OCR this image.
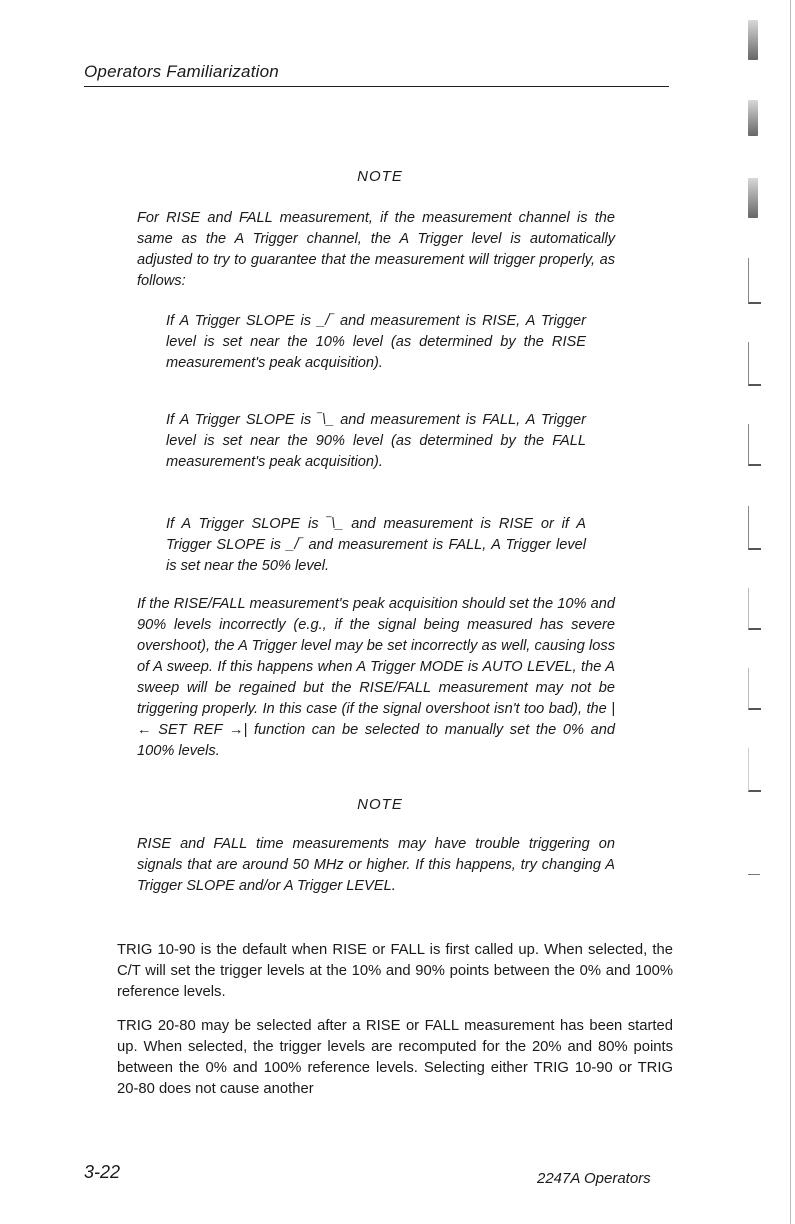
Operators Familiarization
NOTE

For RISE and FALL measurement, if the measurement channel is the same as the A Trigger channel, the A Trigger level is automatically adjusted to try to guarantee that the measurement will trigger properly, as follows:

If A Trigger SLOPE is _/‾ and measurement is RISE, A Trigger level is set near the 10% level (as determined by the RISE measurement's peak acquisition).

If A Trigger SLOPE is ‾\_ and measurement is FALL, A Trigger level is set near the 90% level (as determined by the FALL measurement's peak acquisition).

If A Trigger SLOPE is ‾\_ and measurement is RISE or if A Trigger SLOPE is _/‾ and measurement is FALL, A Trigger level is set near the 50% level.

If the RISE/FALL measurement's peak acquisition should set the 10% and 90% levels incorrectly (e.g., if the signal being measured has severe overshoot), the A Trigger level may be set incorrectly as well, causing loss of A sweep. If this happens when A Trigger MODE is AUTO LEVEL, the A sweep will be regained but the RISE/FALL measurement may not be triggering properly. In this case (if the signal overshoot isn't too bad), the |← SET REF →| function can be selected to manually set the 0% and 100% levels.

NOTE

RISE and FALL time measurements may have trouble triggering on signals that are around 50 MHz or higher. If this happens, try changing A Trigger SLOPE and/or A Trigger LEVEL.

TRIG 10-90 is the default when RISE or FALL is first called up. When selected, the C/T will set the trigger levels at the 10% and 90% points between the 0% and 100% reference levels.

TRIG 20-80 may be selected after a RISE or FALL measurement has been started up. When selected, the trigger levels are recomputed for the 20% and 80% points between the 0% and 100% reference levels. Selecting either TRIG 10-90 or TRIG 20-80 does not cause another

3-22	2247A Operators
